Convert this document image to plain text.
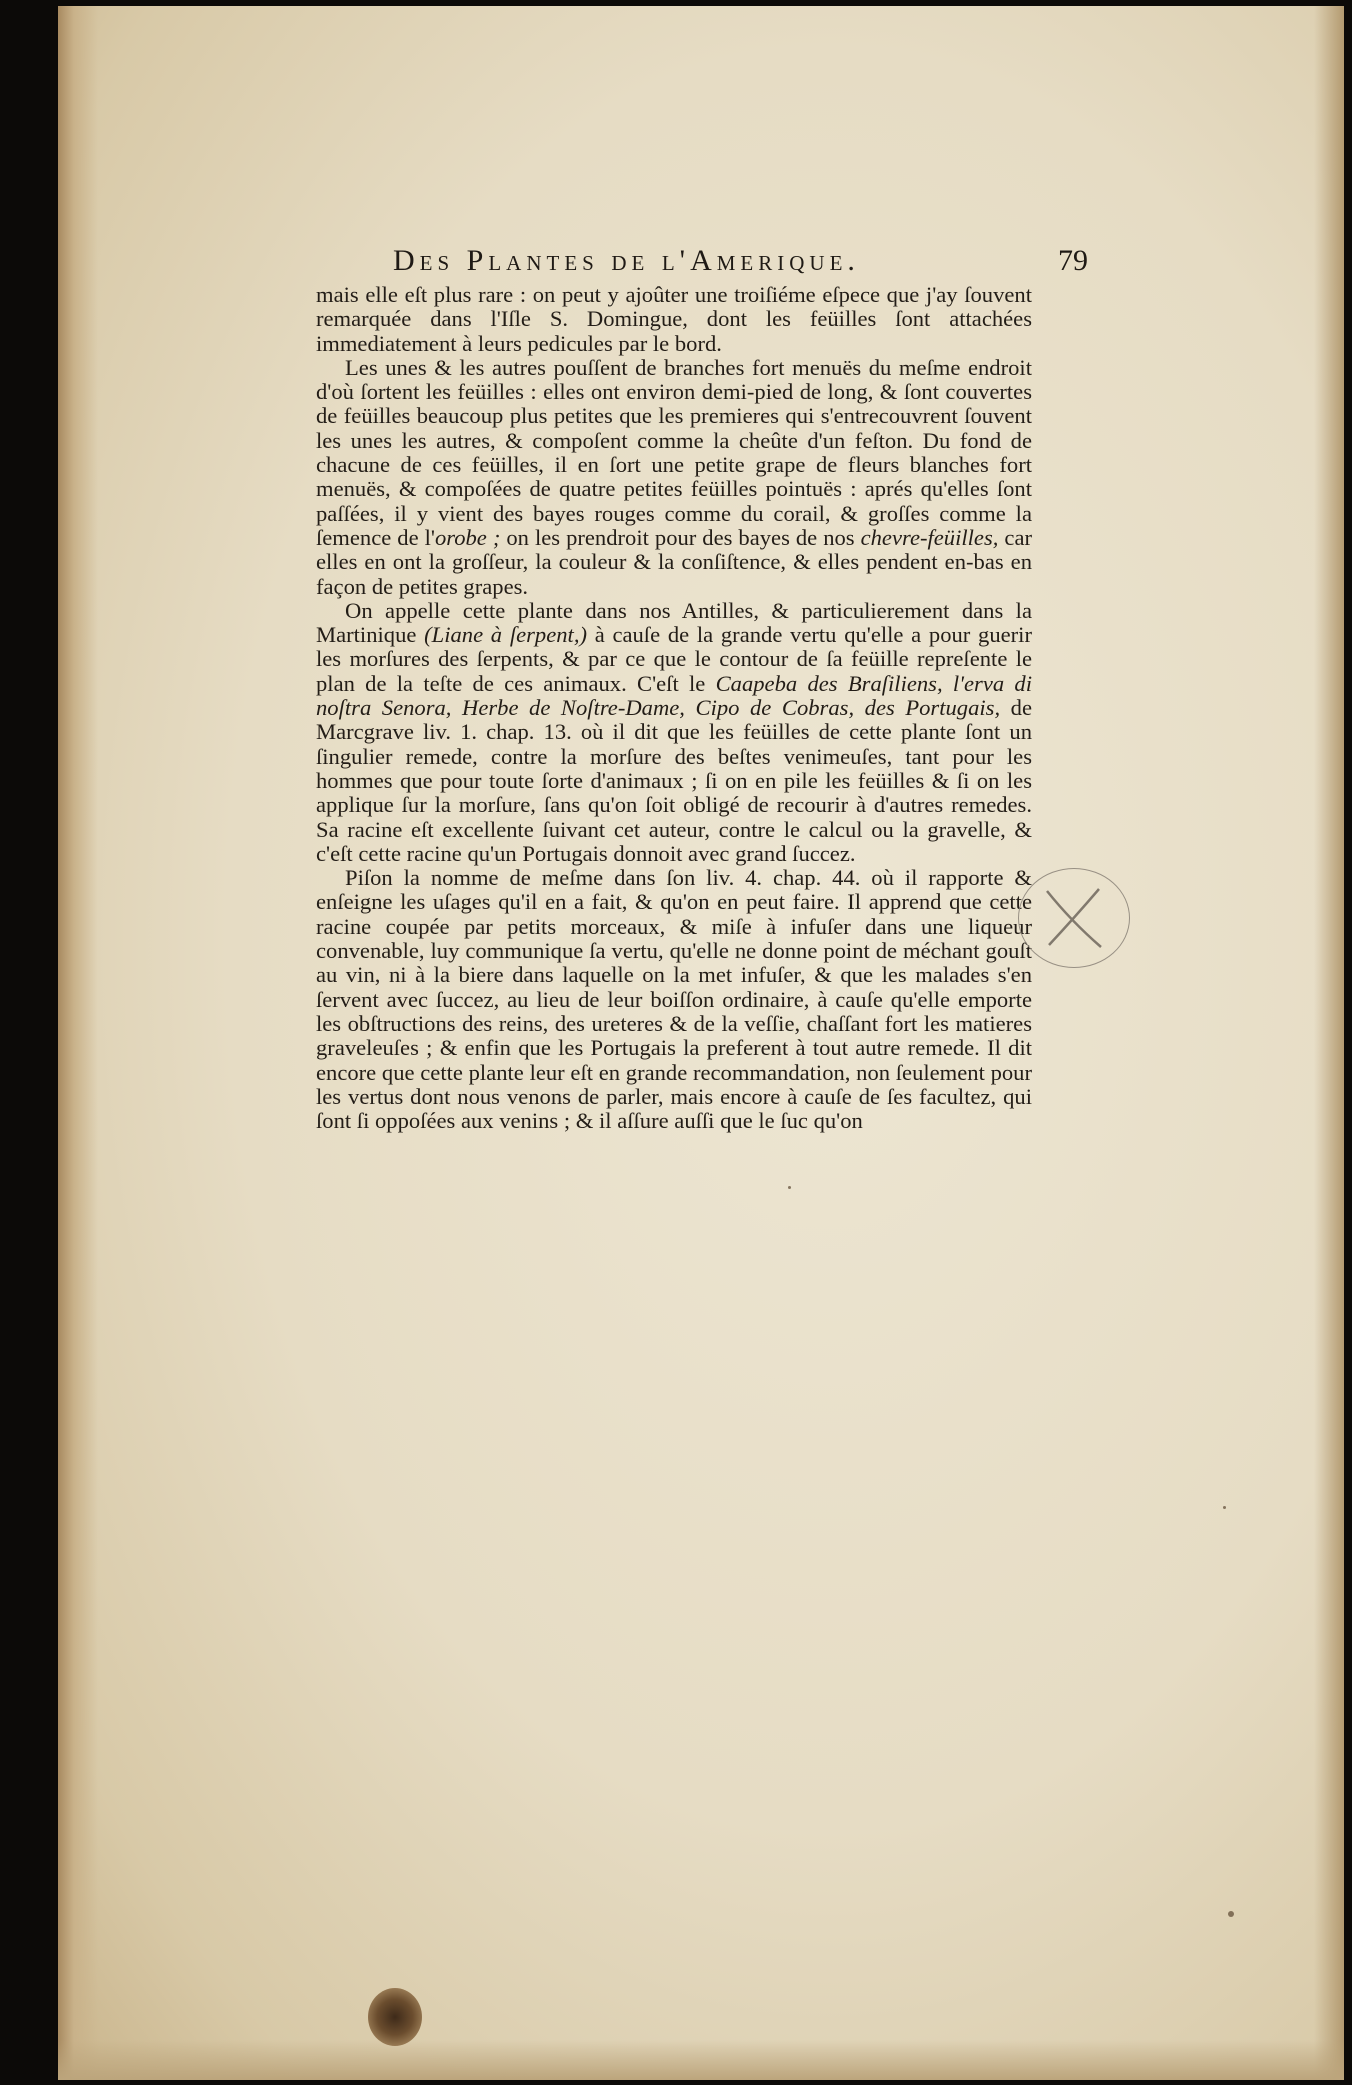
Des Plantes de l'Amerique.	79

mais elle eſt plus rare : on peut y ajoûter une troiſiéme eſpece que j'ay ſouvent remarquée dans l'Iſle S. Domingue, dont les feüilles ſont attachées immediatement à leurs pedicules par le bord.

Les unes & les autres pouſſent de branches fort menuës du meſme endroit d'où ſortent les feüilles : elles ont environ demi-pied de long, & ſont couvertes de feüilles beaucoup plus petites que les premieres qui s'entrecouvrent ſouvent les unes les autres, & compoſent comme la cheûte d'un feſton. Du fond de chacune de ces feüilles, il en ſort une petite grape de fleurs blanches fort menuës, & compoſées de quatre petites feüilles pointuës : aprés qu'elles ſont paſſées, il y vient des bayes rouges comme du corail, & groſſes comme la ſemence de l'orobe ; on les prendroit pour des bayes de nos chevre-feüilles, car elles en ont la groſſeur, la couleur & la conſiſtence, & elles pendent en-bas en façon de petites grapes.

On appelle cette plante dans nos Antilles, & particulierement dans la Martinique (Liane à ſerpent,) à cauſe de la grande vertu qu'elle a pour guerir les morſures des ſerpents, & par ce que le contour de ſa feüille repreſente le plan de la teſte de ces animaux. C'eſt le Caapeba des Braſiliens, l'erva di noſtra Senora, Herbe de Noſtre-Dame, Cipo de Cobras, des Portugais, de Marcgrave liv. 1. chap. 13. où il dit que les feüilles de cette plante ſont un ſingulier remede, contre la morſure des beſtes venimeuſes, tant pour les hommes que pour toute ſorte d'animaux ; ſi on en pile les feüilles & ſi on les applique ſur la morſure, ſans qu'on ſoit obligé de recourir à d'autres remedes. Sa racine eſt excellente ſuivant cet auteur, contre le calcul ou la gravelle, & c'eſt cette racine qu'un Portugais donnoit avec grand ſuccez.

Piſon la nomme de meſme dans ſon liv. 4. chap. 44. où il rapporte & enſeigne les uſages qu'il en a fait, & qu'on en peut faire. Il apprend que cette racine coupée par petits morceaux, & miſe à infuſer dans une liqueur convenable, luy communique ſa vertu, qu'elle ne donne point de méchant gouſt au vin, ni à la biere dans laquelle on la met infuſer, & que les malades s'en ſervent avec ſuccez, au lieu de leur boiſſon ordinaire, à cauſe qu'elle emporte les obſtructions des reins, des ureteres & de la veſſie, chaſſant fort les matieres graveleuſes ; & enfin que les Portugais la preferent à tout autre remede. Il dit encore que cette plante leur eſt en grande recommandation, non ſeulement pour les vertus dont nous venons de parler, mais encore à cauſe de ſes facultez, qui ſont ſi oppoſées aux venins ; & il aſſure auſſi que le ſuc qu'on
